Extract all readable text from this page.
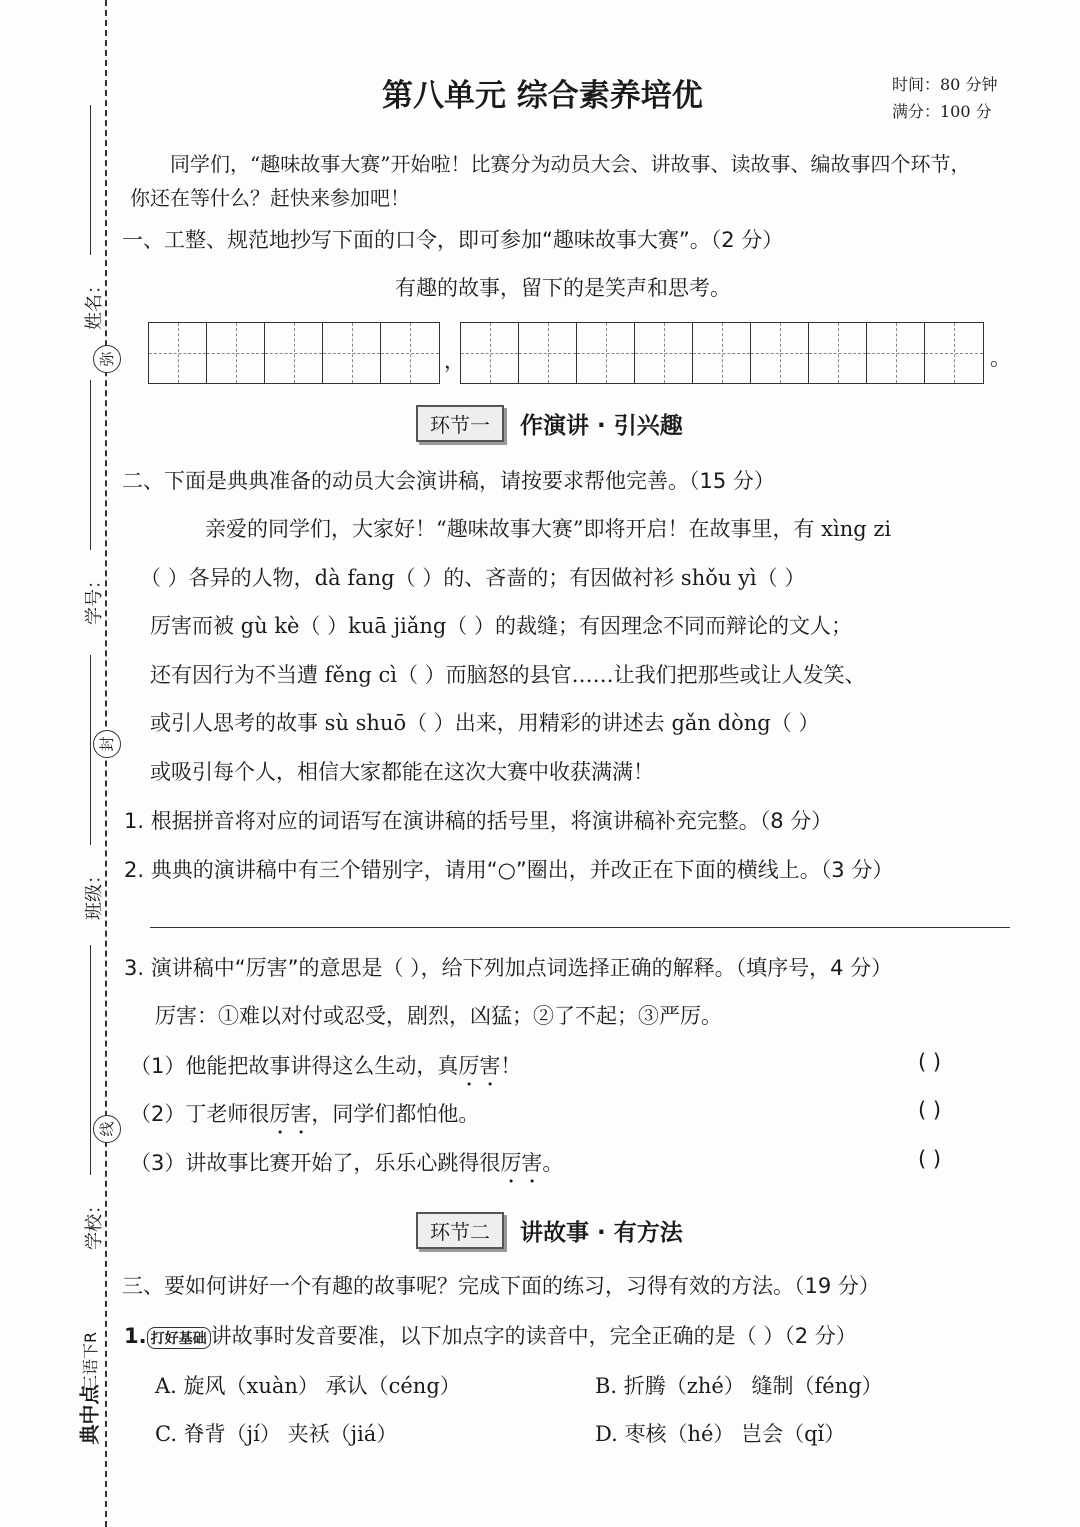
姓名：
弥
学号：
封
班级：
线
学校：
三语下R
典中点
第八单元 综合素养培优	时间：80 分钟
满分：100 分
同学们，“趣味故事大赛”开始啦！比赛分为动员大会、讲故事、读故事、编故事四个环节，
你还在等什么？赶快来参加吧！
一、工整、规范地抄写下面的口令，即可参加“趣味故事大赛”。（2 分）
有趣的故事，留下的是笑声和思考。
，	。
环节一	作演讲 · 引兴趣
二、下面是典典准备的动员大会演讲稿，请按要求帮他完善。（15 分）
亲爱的同学们，大家好！“趣味故事大赛”即将开启！在故事里，有 xìng zi
（ ）各异的人物，dà fang（ ）的、吝啬的；有因做衬衫 shǒu yì（ ）
厉害而被 gù kè（ ）kuā jiǎng（ ）的裁缝；有因理念不同而辩论的文人；
还有因行为不当遭 fěng cì（ ）而脑怒的县官……让我们把那些或让人发笑、
或引人思考的故事 sù shuō（ ）出来，用精彩的讲述去 gǎn dòng（ ）
或吸引每个人，相信大家都能在这次大赛中收获满满！
1. 根据拼音将对应的词语写在演讲稿的括号里，将演讲稿补充完整。（8 分）
2. 典典的演讲稿中有三个错别字，请用“○”圈出，并改正在下面的横线上。（3 分）
3. 演讲稿中“厉害”的意思是（ ），给下列加点词选择正确的解释。（填序号，4 分）
厉害：①难以对付或忍受，剧烈，凶猛；②了不起；③严厉。
（1）他能把故事讲得这么生动，真厉害！	( )
（2）丁老师很厉害，同学们都怕他。	( )
（3）讲故事比赛开始了，乐乐心跳得很厉害。	( )
环节二	讲故事 · 有方法
三、要如何讲好一个有趣的故事呢？完成下面的练习，习得有效的方法。（19 分）
1. 打好基础 讲故事时发音要准，以下加点字的读音中，完全正确的是（ ）（2 分）
A. 旋风（xuàn） 承认（céng）	B. 折腾（zhé） 缝制（féng）
C. 脊背（jí） 夹袄（jiá）	D. 枣核（hé） 岂会（qǐ）
